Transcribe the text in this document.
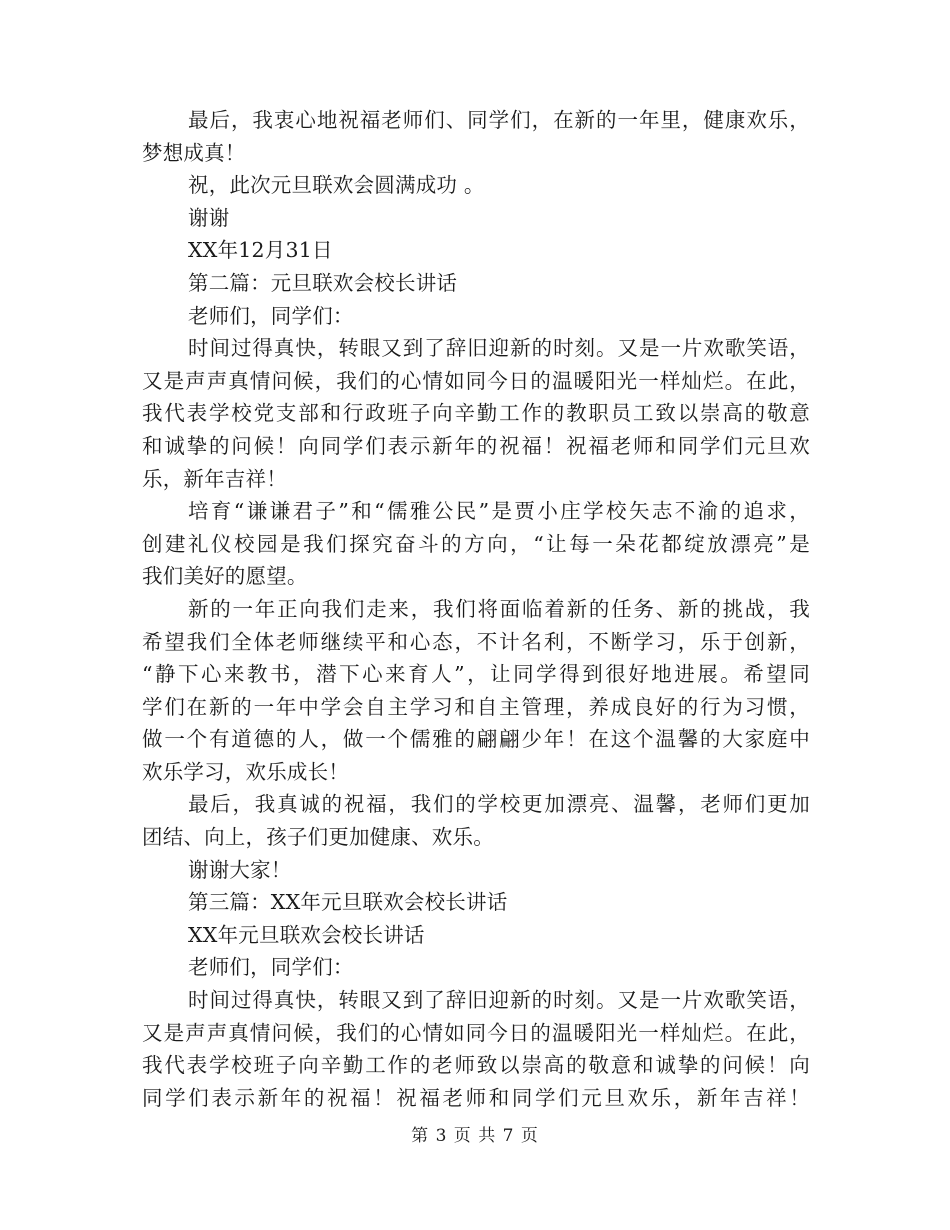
最后，我衷心地祝福老师们、同学们，在新的一年里，健康欢乐，
梦想成真！
祝，此次元旦联欢会圆满成功 。
谢谢
XX年12月31日
第二篇：元旦联欢会校长讲话
老师们，同学们：
时间过得真快，转眼又到了辞旧迎新的时刻。又是一片欢歌笑语，
又是声声真情问候，我们的心情如同今日的温暖阳光一样灿烂。在此，
我代表学校党支部和行政班子向辛勤工作的教职员工致以崇高的敬意
和诚挚的问候！向同学们表示新年的祝福！祝福老师和同学们元旦欢
乐，新年吉祥！
培育“谦谦君子”和“儒雅公民”是贾小庄学校矢志不渝的追求，
创建礼仪校园是我们探究奋斗的方向，“让每一朵花都绽放漂亮”是
我们美好的愿望。
新的一年正向我们走来，我们将面临着新的任务、新的挑战，我
希望我们全体老师继续平和心态，不计名利，不断学习，乐于创新，
“静下心来教书，潜下心来育人”，让同学得到很好地进展。希望同
学们在新的一年中学会自主学习和自主管理，养成良好的行为习惯，
做一个有道德的人，做一个儒雅的翩翩少年！在这个温馨的大家庭中
欢乐学习，欢乐成长！
最后，我真诚的祝福，我们的学校更加漂亮、温馨，老师们更加
团结、向上，孩子们更加健康、欢乐。
谢谢大家！
第三篇：XX年元旦联欢会校长讲话
XX年元旦联欢会校长讲话
老师们，同学们：
时间过得真快，转眼又到了辞旧迎新的时刻。又是一片欢歌笑语，
又是声声真情问候，我们的心情如同今日的温暖阳光一样灿烂。在此，
我代表学校班子向辛勤工作的老师致以崇高的敬意和诚挚的问候！向
同学们表示新年的祝福！祝福老师和同学们元旦欢乐，新年吉祥！
第 3 页 共 7 页
